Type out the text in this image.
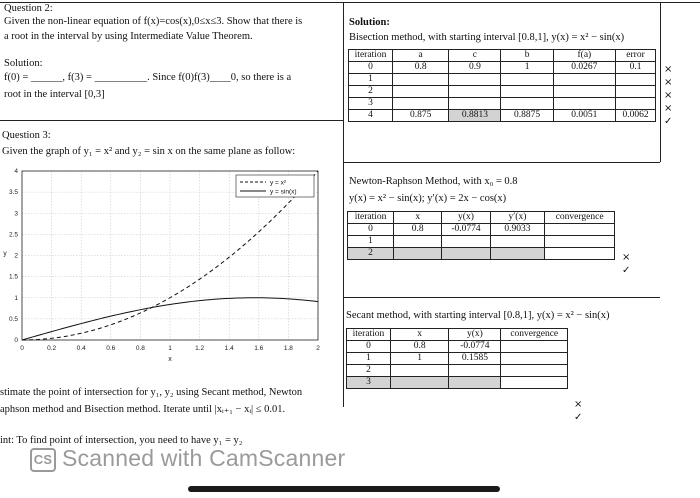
Question 2:
Given the non-linear equation of f(x)=cos(x),0≤x≤3. Show that there is
a root in the interval by using Intermediate Value Theorem.
Solution:
f(0) = ______, f(3) = __________. Since f(0)f(3)____0, so there is a
root in the interval [0,3]
Question 3:
Given the graph of y₁ = x² and y₂ = sin x on the same plane as follow:
0	0.2	0.4	0.6	0.8	1	1.2	1.4	1.6	1.8	2
0
0.5
1
1.5
2
2.5
3
3.5
4
x
y
y = x²
y = sin(x)
stimate the point of intersection for y₁, y₂ using Secant method, Newton
aphson method and Bisection method. Iterate until |xᵢ₊₁ − xᵢ| ≤ 0.01.
int: To find point of intersection, you need to have y₁ = y₂
Solution:
Bisection method, with starting interval [0.8,1], y(x) = x² − sin(x)
iteration	a	c	b	f(a)	error
0	0.8	0.9	1	0.0267	0.1
1					
2					
3					
4	0.875	0.8813	0.8875	0.0051	0.0062
×
×
×
×
✓
Newton-Raphson Method, with x₀ = 0.8
y(x) = x² − sin(x); y′(x) = 2x − cos(x)
iteration	x	y(x)	y′(x)	convergence
0	0.8	-0.0774	0.9033	
1				
2					×
✓
Secant method, with starting interval [0.8,1], y(x) = x² − sin(x)
iteration	x	y(x)	convergence
0	0.8	-0.0774	
1	1	0.1585	
2			
3			
×
✓
CS Scanned with CamScanner
